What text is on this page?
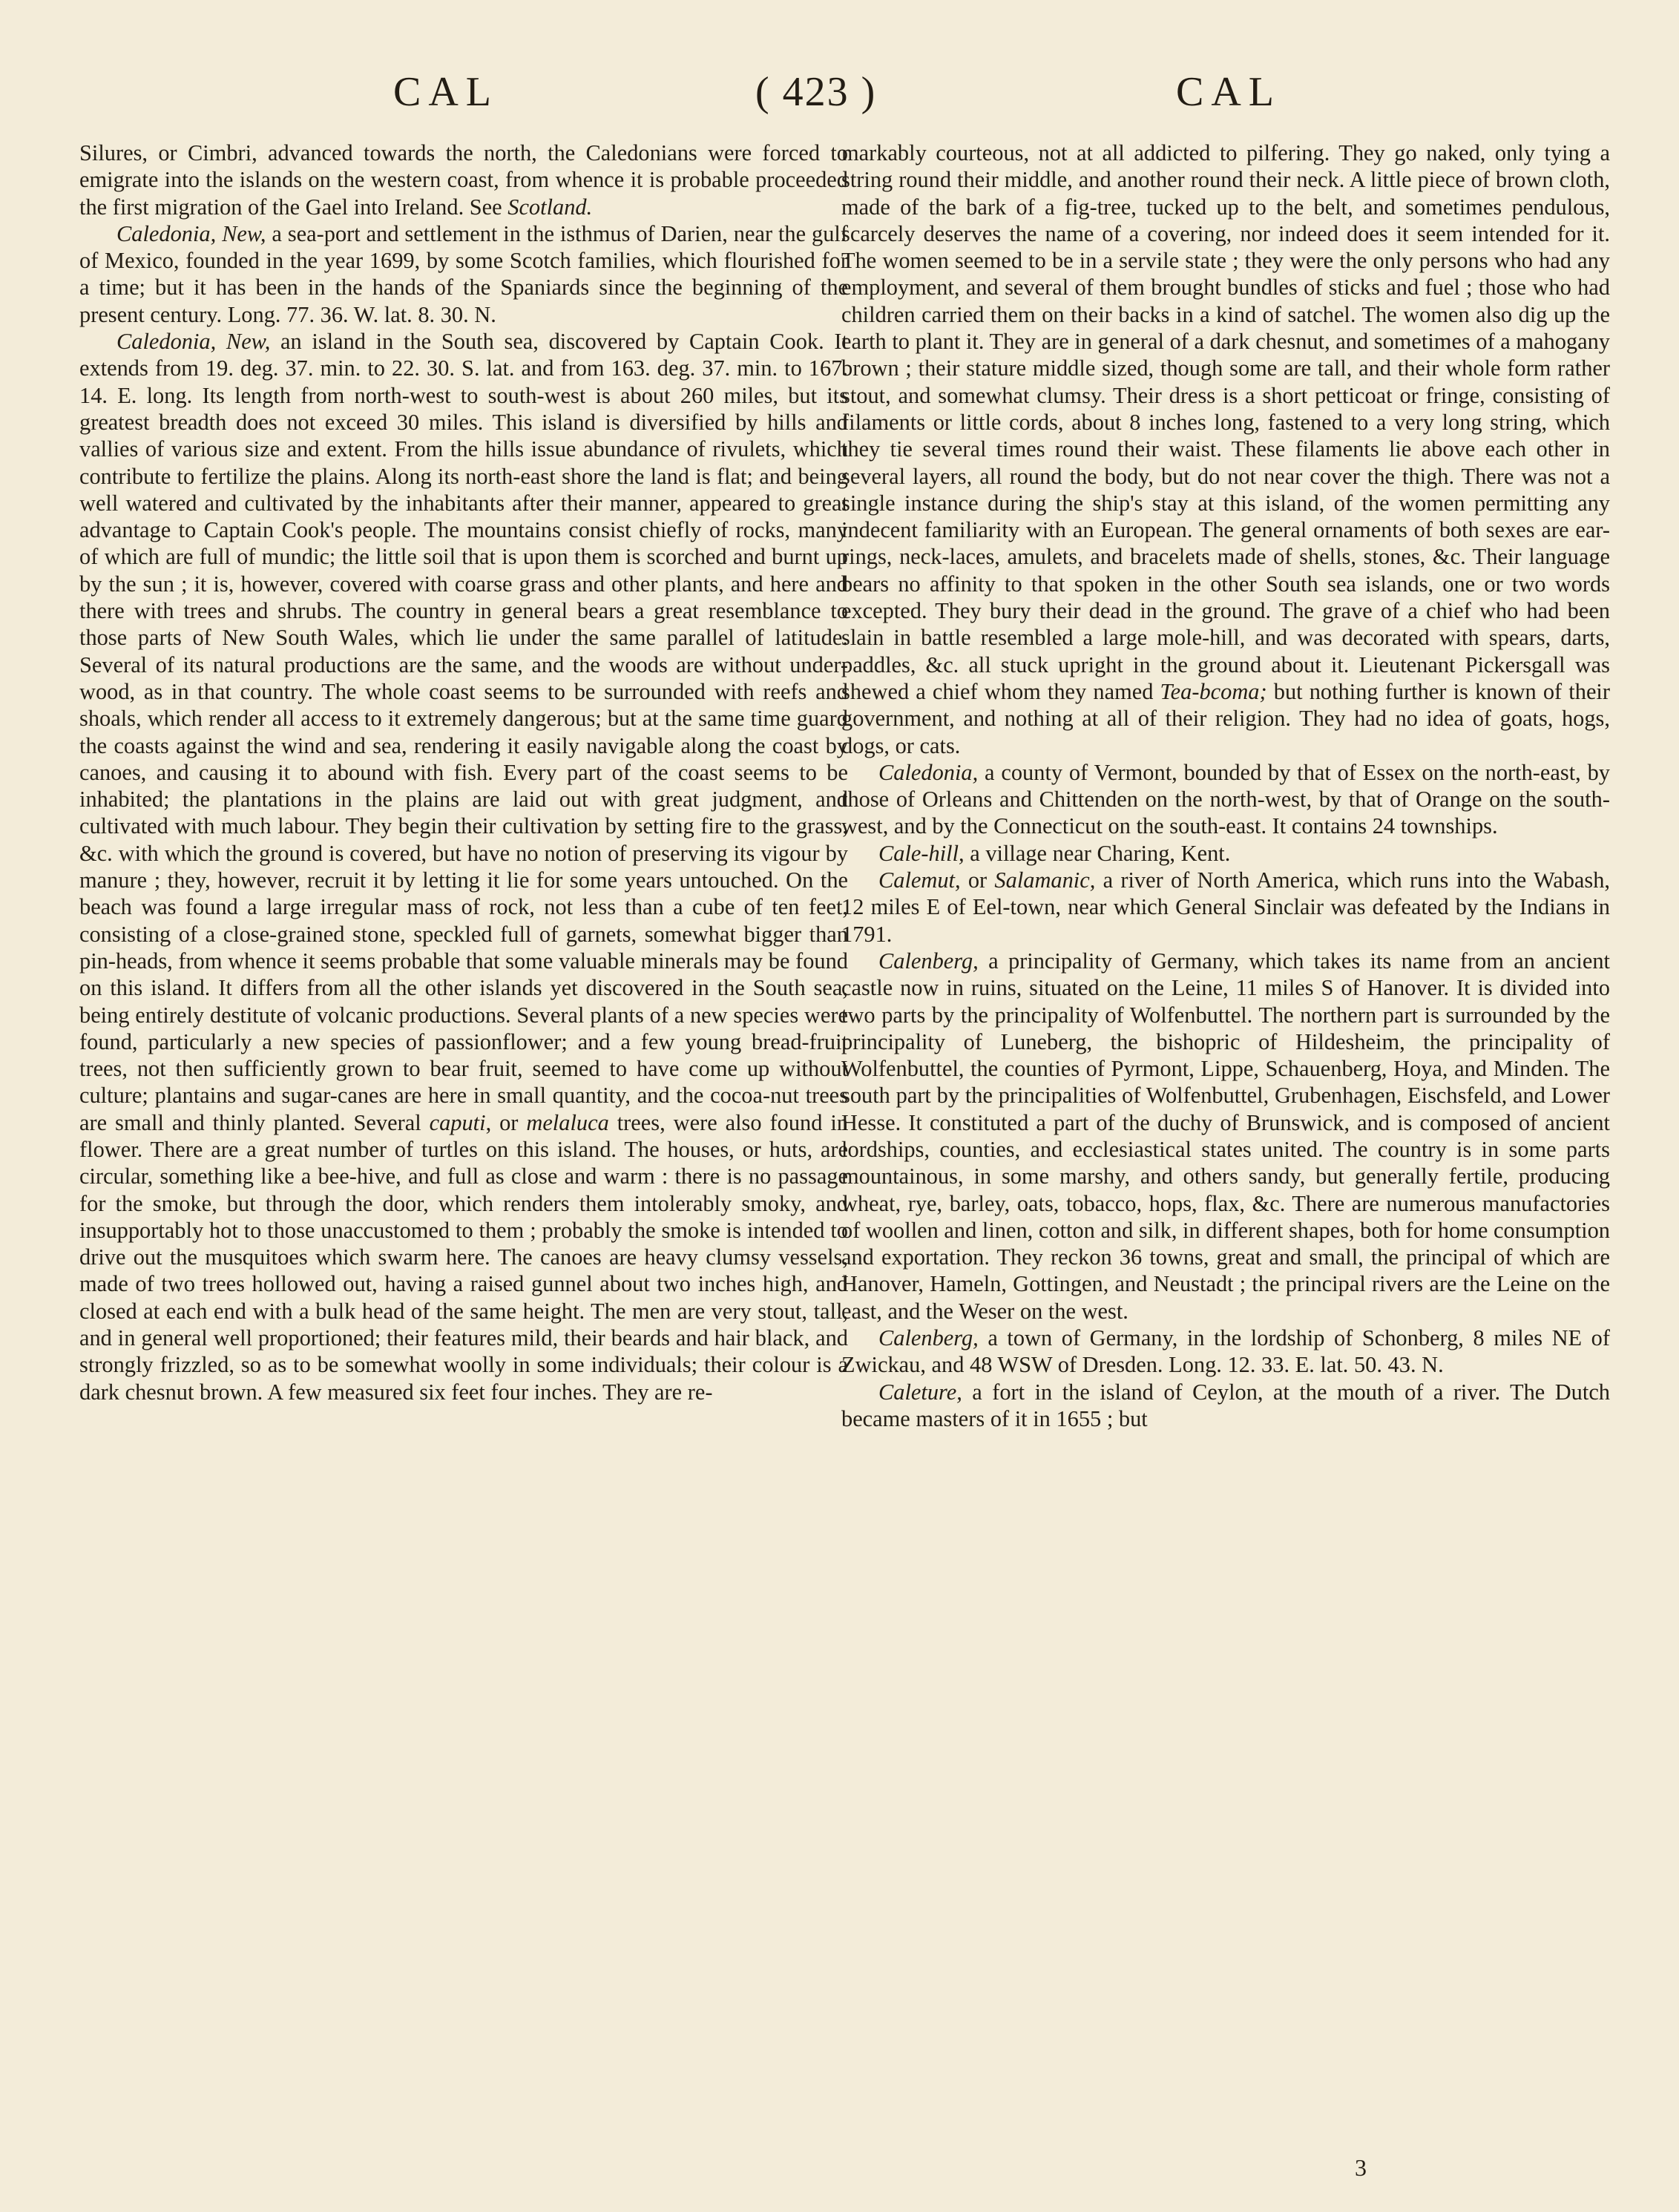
CAL	( 423 )	CAL

Silures, or Cimbri, advanced towards the north, the Caledonians were forced to emigrate into the islands on the western coast, from whence it is probable proceeded the first migration of the Gael into Ireland. See Scotland.

Caledonia, New, a sea-port and settlement in the isthmus of Darien, near the gulf of Mexico, founded in the year 1699, by some Scotch families, which flourished for a time; but it has been in the hands of the Spaniards since the beginning of the present century. Long. 77. 36. W. lat. 8. 30. N.

Caledonia, New, an island in the South sea, discovered by Captain Cook. It extends from 19. deg. 37. min. to 22. 30. S. lat. and from 163. deg. 37. min. to 167. 14. E. long. Its length from north-west to south-west is about 260 miles, but its greatest breadth does not exceed 30 miles. This island is diversified by hills and vallies of various size and extent. From the hills issue abundance of rivulets, which contribute to fertilize the plains. Along its north-east shore the land is flat; and being well watered and cultivated by the inhabitants after their manner, appeared to great advantage to Captain Cook's people. The mountains consist chiefly of rocks, many of which are full of mundic; the little soil that is upon them is scorched and burnt up by the sun ; it is, however, covered with coarse grass and other plants, and here and there with trees and shrubs. The country in general bears a great resemblance to those parts of New South Wales, which lie under the same parallel of latitude. Several of its natural productions are the same, and the woods are without under-wood, as in that country. The whole coast seems to be surrounded with reefs and shoals, which render all access to it extremely dangerous; but at the same time guard the coasts against the wind and sea, rendering it easily navigable along the coast by canoes, and causing it to abound with fish. Every part of the coast seems to be inhabited; the plantations in the plains are laid out with great judgment, and cultivated with much labour. They begin their cultivation by setting fire to the grass, &c. with which the ground is covered, but have no notion of preserving its vigour by manure ; they, however, recruit it by letting it lie for some years untouched. On the beach was found a large irregular mass of rock, not less than a cube of ten feet, consisting of a close-grained stone, speckled full of garnets, somewhat bigger than pin-heads, from whence it seems probable that some valuable minerals may be found on this island. It differs from all the other islands yet discovered in the South sea, being entirely destitute of volcanic productions. Several plants of a new species were found, particularly a new species of passionflower; and a few young bread-fruit trees, not then sufficiently grown to bear fruit, seemed to have come up without culture; plantains and sugar-canes are here in small quantity, and the cocoa-nut trees are small and thinly planted. Several caputi, or melaluca trees, were also found in flower. There are a great number of turtles on this island. The houses, or huts, are circular, something like a bee-hive, and full as close and warm : there is no passage for the smoke, but through the door, which renders them intolerably smoky, and insupportably hot to those unaccustomed to them ; probably the smoke is intended to drive out the musquitoes which swarm here. The canoes are heavy clumsy vessels, made of two trees hollowed out, having a raised gunnel about two inches high, and closed at each end with a bulk head of the same height. The men are very stout, tall, and in general well proportioned; their features mild, their beards and hair black, and strongly frizzled, so as to be somewhat woolly in some individuals; their colour is a dark chesnut brown. A few measured six feet four inches. They are re-

markably courteous, not at all addicted to pilfering. They go naked, only tying a string round their middle, and another round their neck. A little piece of brown cloth, made of the bark of a fig-tree, tucked up to the belt, and sometimes pendulous, scarcely deserves the name of a covering, nor indeed does it seem intended for it. The women seemed to be in a servile state ; they were the only persons who had any employment, and several of them brought bundles of sticks and fuel ; those who had children carried them on their backs in a kind of satchel. The women also dig up the earth to plant it. They are in general of a dark chesnut, and sometimes of a mahogany brown ; their stature middle sized, though some are tall, and their whole form rather stout, and somewhat clumsy. Their dress is a short petticoat or fringe, consisting of filaments or little cords, about 8 inches long, fastened to a very long string, which they tie several times round their waist. These filaments lie above each other in several layers, all round the body, but do not near cover the thigh. There was not a single instance during the ship's stay at this island, of the women permitting any indecent familiarity with an European. The general ornaments of both sexes are ear-rings, neck-laces, amulets, and bracelets made of shells, stones, &c. Their language bears no affinity to that spoken in the other South sea islands, one or two words excepted. They bury their dead in the ground. The grave of a chief who had been slain in battle resembled a large mole-hill, and was decorated with spears, darts, paddles, &c. all stuck upright in the ground about it. Lieutenant Pickersgall was shewed a chief whom they named Tea-bcoma; but nothing further is known of their government, and nothing at all of their religion. They had no idea of goats, hogs, dogs, or cats.

Caledonia, a county of Vermont, bounded by that of Essex on the north-east, by those of Orleans and Chittenden on the north-west, by that of Orange on the south-west, and by the Connecticut on the south-east. It contains 24 townships.

Cale-hill, a village near Charing, Kent.

Calemut, or Salamanic, a river of North America, which runs into the Wabash, 12 miles E of Eel-town, near which General Sinclair was defeated by the Indians in 1791.

Calenberg, a principality of Germany, which takes its name from an ancient castle now in ruins, situated on the Leine, 11 miles S of Hanover. It is divided into two parts by the principality of Wolfenbuttel. The northern part is surrounded by the principality of Luneberg, the bishopric of Hildesheim, the principality of Wolfenbuttel, the counties of Pyrmont, Lippe, Schauenberg, Hoya, and Minden. The south part by the principalities of Wolfenbuttel, Grubenhagen, Eischsfeld, and Lower Hesse. It constituted a part of the duchy of Brunswick, and is composed of ancient lordships, counties, and ecclesiastical states united. The country is in some parts mountainous, in some marshy, and others sandy, but generally fertile, producing wheat, rye, barley, oats, tobacco, hops, flax, &c. There are numerous manufactories of woollen and linen, cotton and silk, in different shapes, both for home consumption and exportation. They reckon 36 towns, great and small, the principal of which are Hanover, Hameln, Gottingen, and Neustadt ; the principal rivers are the Leine on the east, and the Weser on the west.

Calenberg, a town of Germany, in the lordship of Schonberg, 8 miles NE of Zwickau, and 48 WSW of Dresden. Long. 12. 33. E. lat. 50. 43. N.

Caleture, a fort in the island of Ceylon, at the mouth of a river. The Dutch became masters of it in 1655 ; but

3
